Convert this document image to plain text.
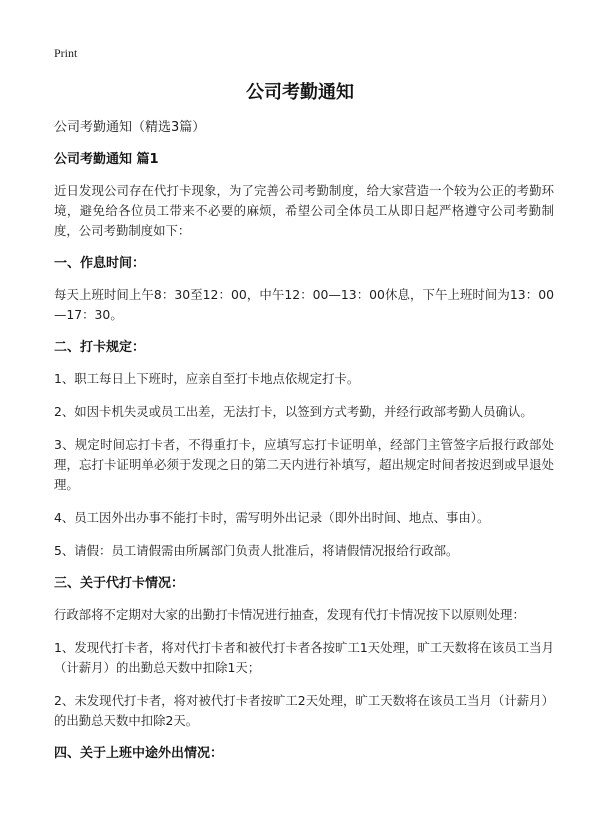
Print
公司考勤通知
公司考勤通知（精选3篇）
公司考勤通知 篇1
近日发现公司存在代打卡现象，为了完善公司考勤制度，给大家营造一个较为公正的考勤环境，避免给各位员工带来不必要的麻烦，希望公司全体员工从即日起严格遵守公司考勤制度，公司考勤制度如下：
一、作息时间：
每天上班时间上午8：30至12：00，中午12：00—13：00休息，下午上班时间为13：00—17：30。
二、打卡规定：
1、职工每日上下班时，应亲自至打卡地点依规定打卡。
2、如因卡机失灵或员工出差，无法打卡，以签到方式考勤，并经行政部考勤人员确认。
3、规定时间忘打卡者，不得重打卡，应填写忘打卡证明单，经部门主管签字后报行政部处理，忘打卡证明单必须于发现之日的第二天内进行补填写，超出规定时间者按迟到或早退处理。
4、员工因外出办事不能打卡时，需写明外出记录（即外出时间、地点、事由）。
5、请假：员工请假需由所属部门负责人批准后，将请假情况报给行政部。
三、关于代打卡情况：
行政部将不定期对大家的出勤打卡情况进行抽查，发现有代打卡情况按下以原则处理：
1、发现代打卡者，将对代打卡者和被代打卡者各按旷工1天处理，旷工天数将在该员工当月（计薪月）的出勤总天数中扣除1天；
2、未发现代打卡者，将对被代打卡者按旷工2天处理，旷工天数将在该员工当月（计薪月）的出勤总天数中扣除2天。
四、关于上班中途外出情况：
